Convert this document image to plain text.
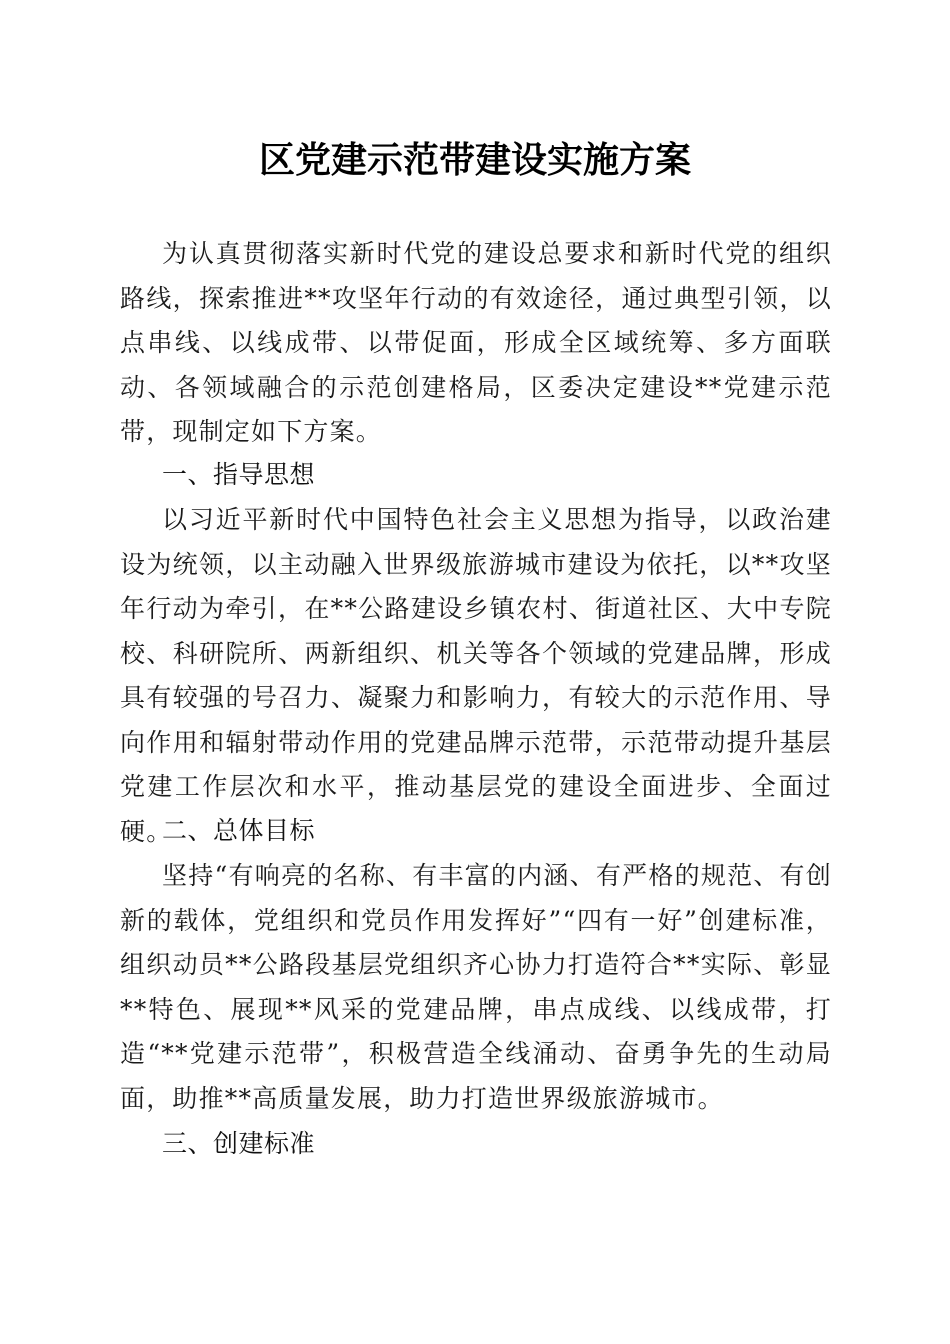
区党建示范带建设实施方案

为认真贯彻落实新时代党的建设总要求和新时代党的组织路线，探索推进**攻坚年行动的有效途径，通过典型引领，以点串线、以线成带、以带促面，形成全区域统筹、多方面联动、各领域融合的示范创建格局，区委决定建设**党建示范带，现制定如下方案。

一、指导思想

以习近平新时代中国特色社会主义思想为指导，以政治建设为统领，以主动融入世界级旅游城市建设为依托，以**攻坚年行动为牵引，在**公路建设乡镇农村、街道社区、大中专院校、科研院所、两新组织、机关等各个领域的党建品牌，形成具有较强的号召力、凝聚力和影响力，有较大的示范作用、导向作用和辐射带动作用的党建品牌示范带，示范带动提升基层党建工作层次和水平，推动基层党的建设全面进步、全面过硬。

二、总体目标

坚持“有响亮的名称、有丰富的内涵、有严格的规范、有创新的载体，党组织和党员作用发挥好”“四有一好”创建标准，组织动员**公路段基层党组织齐心协力打造符合**实际、彰显**特色、展现**风采的党建品牌，串点成线、以线成带，打造“**党建示范带”，积极营造全线涌动、奋勇争先的生动局面，助推**高质量发展，助力打造世界级旅游城市。

三、创建标准
